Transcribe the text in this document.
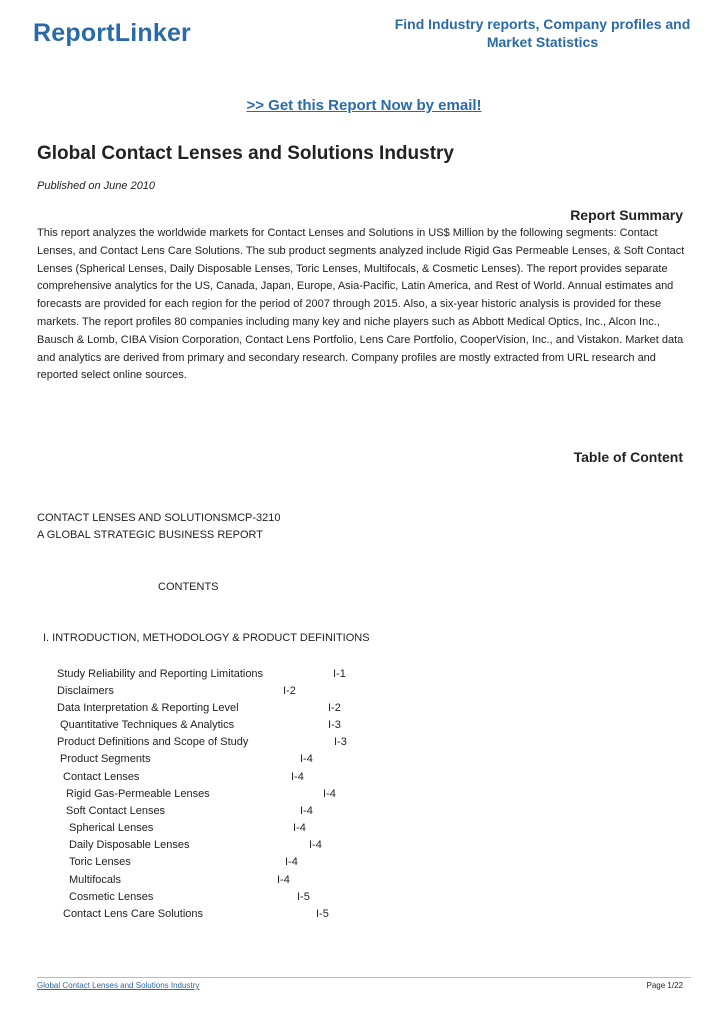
ReportLinker	Find Industry reports, Company profiles and Market Statistics
>> Get this Report Now by email!
Global Contact Lenses and Solutions Industry
Published on June 2010
Report Summary
This report analyzes the worldwide markets for Contact Lenses and Solutions in US$ Million by the following segments: Contact Lenses, and Contact Lens Care Solutions. The sub product segments analyzed include Rigid Gas Permeable Lenses, & Soft Contact Lenses (Spherical Lenses, Daily Disposable Lenses, Toric Lenses, Multifocals, & Cosmetic Lenses). The report provides separate comprehensive analytics for the US, Canada, Japan, Europe, Asia-Pacific, Latin America, and Rest of World. Annual estimates and forecasts are provided for each region for the period of 2007 through 2015. Also, a six-year historic analysis is provided for these markets. The report profiles 80 companies including many key and niche players such as Abbott Medical Optics, Inc., Alcon Inc., Bausch & Lomb, CIBA Vision Corporation, Contact Lens Portfolio, Lens Care Portfolio, CooperVision, Inc., and Vistakon. Market data and analytics are derived from primary and secondary research. Company profiles are mostly extracted from URL research and reported select online sources.
Table of Content
CONTACT LENSES AND SOLUTIONSMCP-3210
A GLOBAL STRATEGIC BUSINESS REPORT
CONTENTS
I. INTRODUCTION, METHODOLOGY & PRODUCT DEFINITIONS
Study Reliability and Reporting Limitations	I-1
Disclaimers	I-2
Data Interpretation & Reporting Level	I-2
Quantitative Techniques & Analytics	I-3
Product Definitions and Scope of Study	I-3
Product Segments	I-4
Contact Lenses	I-4
Rigid Gas-Permeable Lenses	I-4
Soft Contact Lenses	I-4
Spherical Lenses	I-4
Daily Disposable Lenses	I-4
Toric Lenses	I-4
Multifocals	I-4
Cosmetic Lenses	I-5
Contact Lens Care Solutions	I-5
Global Contact Lenses and Solutions Industry	Page 1/22
